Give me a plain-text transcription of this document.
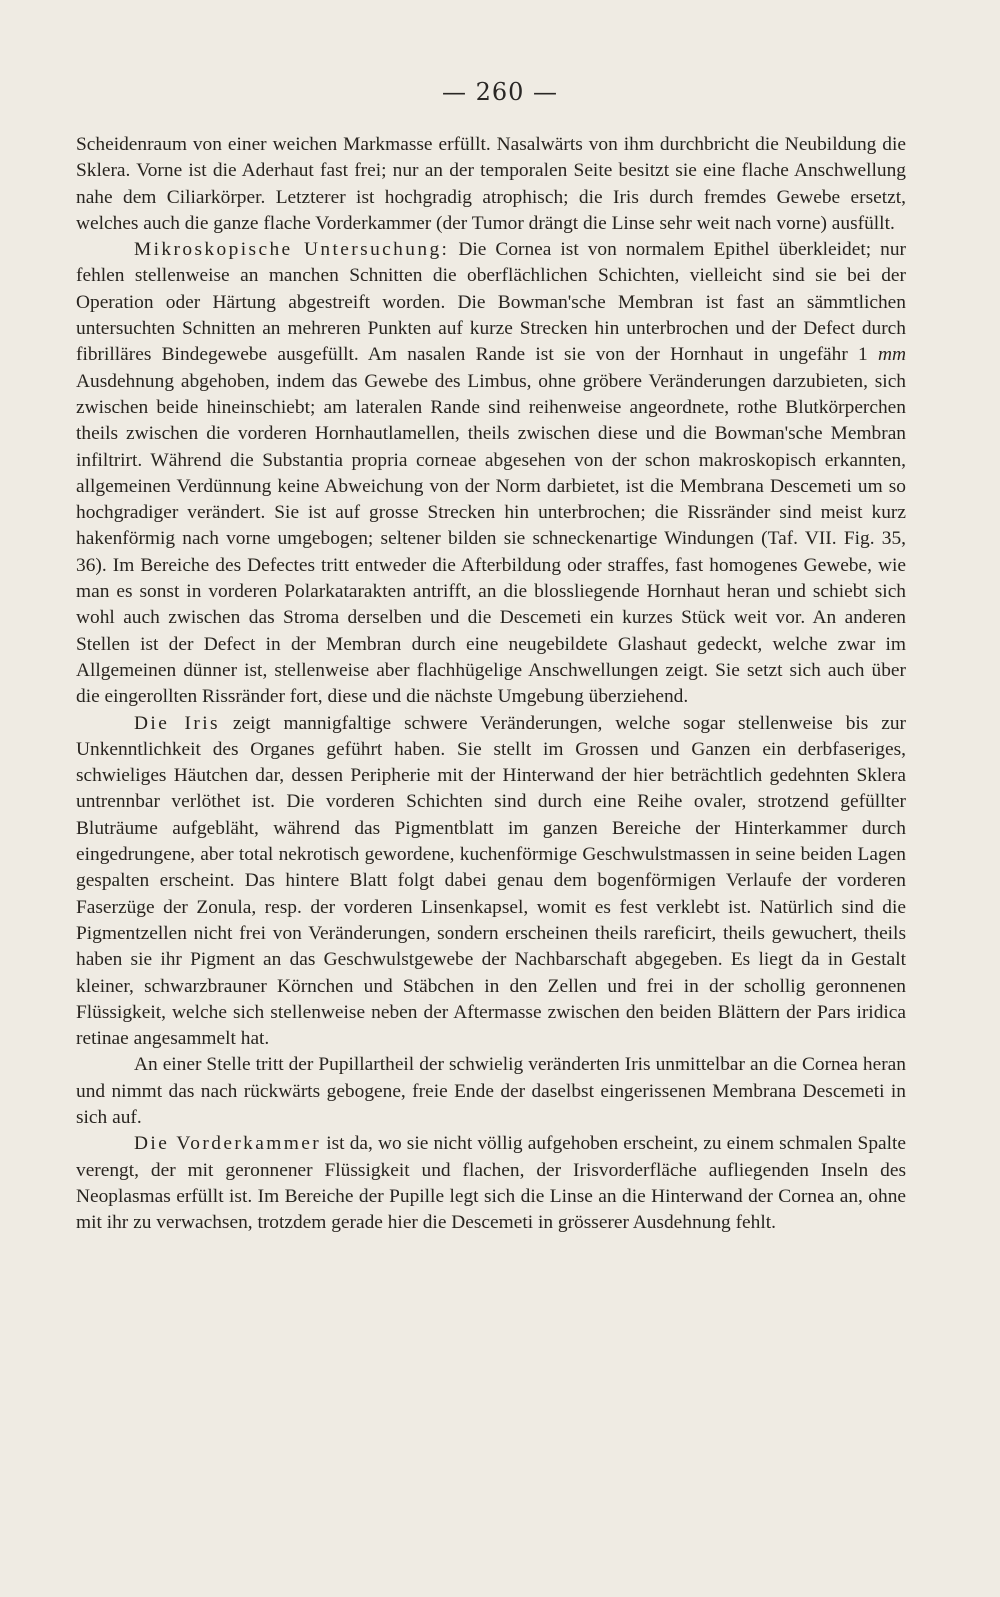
— 260 —

Scheidenraum von einer weichen Markmasse erfüllt. Nasalwärts von ihm durchbricht die Neubildung die Sklera. Vorne ist die Aderhaut fast frei; nur an der temporalen Seite besitzt sie eine flache Anschwellung nahe dem Ciliarkörper. Letzterer ist hochgradig atrophisch; die Iris durch fremdes Gewebe ersetzt, welches auch die ganze flache Vorderkammer (der Tumor drängt die Linse sehr weit nach vorne) ausfüllt.

Mikroskopische Untersuchung: Die Cornea ist von normalem Epithel überkleidet; nur fehlen stellenweise an manchen Schnitten die oberflächlichen Schichten, vielleicht sind sie bei der Operation oder Härtung abgestreift worden. Die Bowman'sche Membran ist fast an sämmtlichen untersuchten Schnitten an mehreren Punkten auf kurze Strecken hin unterbrochen und der Defect durch fibrilläres Bindegewebe ausgefüllt. Am nasalen Rande ist sie von der Hornhaut in ungefähr 1 mm Ausdehnung abgehoben, indem das Gewebe des Limbus, ohne gröbere Veränderungen darzubieten, sich zwischen beide hineinschiebt; am lateralen Rande sind reihenweise angeordnete, rothe Blutkörperchen theils zwischen die vorderen Hornhautlamellen, theils zwischen diese und die Bowman'sche Membran infiltrirt. Während die Substantia propria corneae abgesehen von der schon makroskopisch erkannten, allgemeinen Verdünnung keine Abweichung von der Norm darbietet, ist die Membrana Descemeti um so hochgradiger verändert. Sie ist auf grosse Strecken hin unterbrochen; die Rissränder sind meist kurz hakenförmig nach vorne umgebogen; seltener bilden sie schneckenartige Windungen (Taf. VII. Fig. 35, 36). Im Bereiche des Defectes tritt entweder die Afterbildung oder straffes, fast homogenes Gewebe, wie man es sonst in vorderen Polarkatarakten antrifft, an die blossliegende Hornhaut heran und schiebt sich wohl auch zwischen das Stroma derselben und die Descemeti ein kurzes Stück weit vor. An anderen Stellen ist der Defect in der Membran durch eine neugebildete Glashaut gedeckt, welche zwar im Allgemeinen dünner ist, stellenweise aber flachhügelige Anschwellungen zeigt. Sie setzt sich auch über die eingerollten Rissränder fort, diese und die nächste Umgebung überziehend.

Die Iris zeigt mannigfaltige schwere Veränderungen, welche sogar stellenweise bis zur Unkenntlichkeit des Organes geführt haben. Sie stellt im Grossen und Ganzen ein derbfaseriges, schwieliges Häutchen dar, dessen Peripherie mit der Hinterwand der hier beträchtlich gedehnten Sklera untrennbar verlöthet ist. Die vorderen Schichten sind durch eine Reihe ovaler, strotzend gefüllter Bluträume aufgebläht, während das Pigmentblatt im ganzen Bereiche der Hinterkammer durch eingedrungene, aber total nekrotisch gewordene, kuchenförmige Geschwulstmassen in seine beiden Lagen gespalten erscheint. Das hintere Blatt folgt dabei genau dem bogenförmigen Verlaufe der vorderen Faserzüge der Zonula, resp. der vorderen Linsenkapsel, womit es fest verklebt ist. Natürlich sind die Pigmentzellen nicht frei von Veränderungen, sondern erscheinen theils rareficirt, theils gewuchert, theils haben sie ihr Pigment an das Geschwulstgewebe der Nachbarschaft abgegeben. Es liegt da in Gestalt kleiner, schwarzbrauner Körnchen und Stäbchen in den Zellen und frei in der schollig geronnenen Flüssigkeit, welche sich stellenweise neben der Aftermasse zwischen den beiden Blättern der Pars iridica retinae angesammelt hat.

An einer Stelle tritt der Pupillartheil der schwielig veränderten Iris unmittelbar an die Cornea heran und nimmt das nach rückwärts gebogene, freie Ende der daselbst eingerissenen Membrana Descemeti in sich auf.

Die Vorderkammer ist da, wo sie nicht völlig aufgehoben erscheint, zu einem schmalen Spalte verengt, der mit geronnener Flüssigkeit und flachen, der Irisvorderfläche aufliegenden Inseln des Neoplasmas erfüllt ist. Im Bereiche der Pupille legt sich die Linse an die Hinterwand der Cornea an, ohne mit ihr zu verwachsen, trotzdem gerade hier die Descemeti in grösserer Ausdehnung fehlt.
